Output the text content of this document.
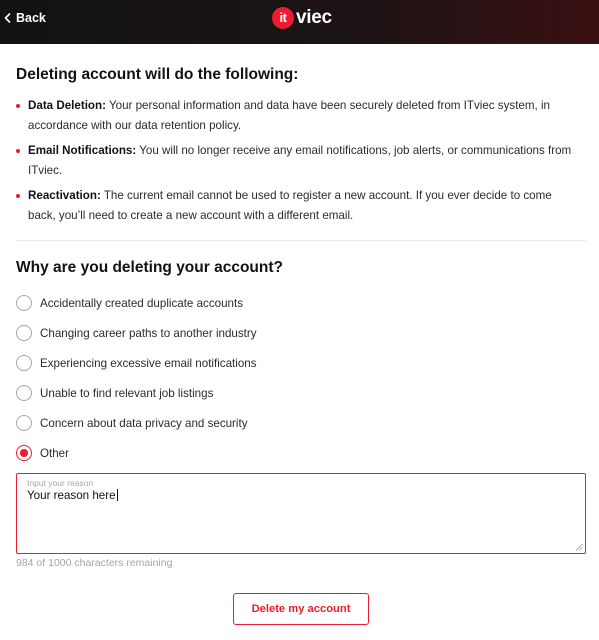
Back	it viec
Deleting account will do the following:
Data Deletion: Your personal information and data have been securely deleted from ITviec system, in accordance with our data retention policy.
Email Notifications: You will no longer receive any email notifications, job alerts, or communications from ITviec.
Reactivation: The current email cannot be used to register a new account. If you ever decide to come back, you’ll need to create a new account with a different email.
Why are you deleting your account?
Accidentally created duplicate accounts
Changing career paths to another industry
Experiencing excessive email notifications
Unable to find relevant job listings
Concern about data privacy and security
Other
Input your reason
Your reason here
984 of 1000 characters remaining
Delete my account
